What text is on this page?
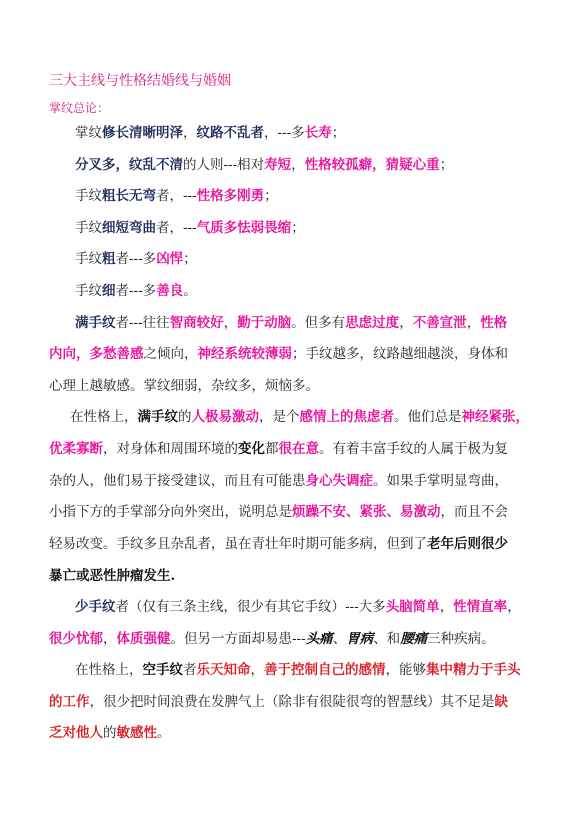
三大主线与性格结婚线与婚姻
掌纹总论：
掌纹修长清晰明泽，纹路不乱者，---多长寿；
分叉多，纹乱不清的人则---相对寿短，性格较孤癖，猜疑心重；
手纹粗长无弯者，---性格多刚勇；
手纹细短弯曲者，---气质多怯弱畏缩；
手纹粗者---多凶悍；
手纹细者---多善良。
满手纹者---往往智商较好，勤于动脑。但多有思虑过度，不善宣泄，性格
内向，多愁善感之倾向，神经系统较薄弱；手纹越多，纹路越细越淡，身体和
心理上越敏感。掌纹细弱，杂纹多，烦恼多。
在性格上，满手纹的人极易激动，是个感情上的焦虑者。他们总是神经紧张，
优柔寡断，对身体和周围环境的变化都很在意。有着丰富手纹的人属于极为复
杂的人，他们易于接受建议，而且有可能患身心失调症。如果手掌明显弯曲，
小指下方的手掌部分向外突出，说明总是烦躁不安、紧张、易激动，而且不会
轻易改变。手纹多且杂乱者，虽在青壮年时期可能多病，但到了老年后则很少
暴亡或恶性肿瘤发生.
少手纹者（仅有三条主线，很少有其它手纹）---大多头脑简单，性情直率，
很少忧郁，体质强健。但另一方面却易患---头痛、胃病、和腰痛三种疾病。
在性格上，空手纹者乐天知命，善于控制自己的感情，能够集中精力于手头
的工作，很少把时间浪费在发脾气上（除非有很陡很弯的智慧线）其不足是缺
乏对他人的敏感性。
